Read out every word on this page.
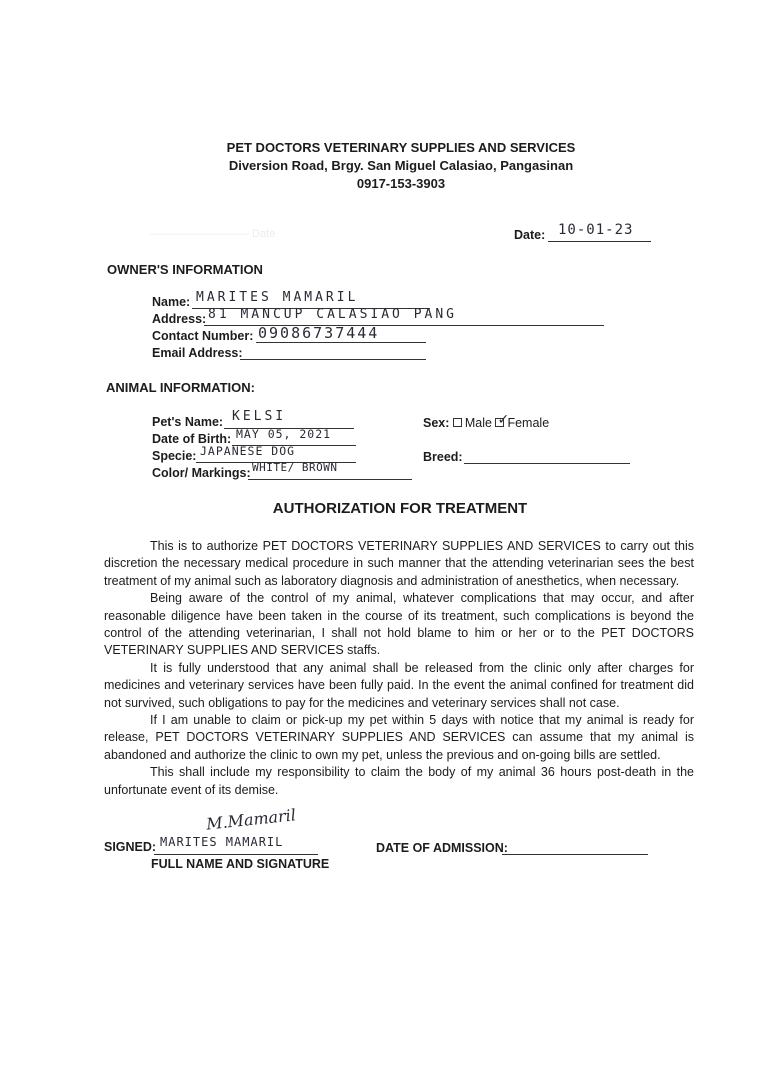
PET DOCTORS VETERINARY SUPPLIES AND SERVICES
Diversion Road, Brgy. San Miguel Calasiao, Pangasinan
0917-153-3903
————————— Date	Date: 10-01-23
OWNER'S INFORMATION
Name: MARITES MAMARIL
Address: 81 MANCUP CALASIAO PANG
Contact Number: 09086737444
Email Address:
ANIMAL INFORMATION:
Pet's Name: KELSI
Date of Birth: MAY 05, 2021
Specie: JAPANESE DOG
Color/ Markings: WHITE/ BROWN
Sex: Male ✓
Female
Breed:
AUTHORIZATION FOR TREATMENT

This is to authorize PET DOCTORS VETERINARY SUPPLIES AND SERVICES to carry out this discretion the necessary medical procedure in such manner that the attending veterinarian sees the best treatment of my animal such as laboratory diagnosis and administration of anesthetics, when necessary.

Being aware of the control of my animal, whatever complications that may occur, and after reasonable diligence have been taken in the course of its treatment, such complications is beyond the control of the attending veterinarian, I shall not hold blame to him or her or to the PET DOCTORS VETERINARY SUPPLIES AND SERVICES staffs.

It is fully understood that any animal shall be released from the clinic only after charges for medicines and veterinary services have been fully paid. In the event the animal confined for treatment did not survived, such obligations to pay for the medicines and veterinary services shall not case.

If I am unable to claim or pick-up my pet within 5 days with notice that my animal is ready for release, PET DOCTORS VETERINARY SUPPLIES AND SERVICES can assume that my animal is abandoned and authorize the clinic to own my pet, unless the previous and on-going bills are settled.

This shall include my responsibility to claim the body of my animal 36 hours post-death in the unfortunate event of its demise.

M.Mamaril
SIGNED: MARITES MAMARIL
FULL NAME AND SIGNATURE
DATE OF ADMISSION:
